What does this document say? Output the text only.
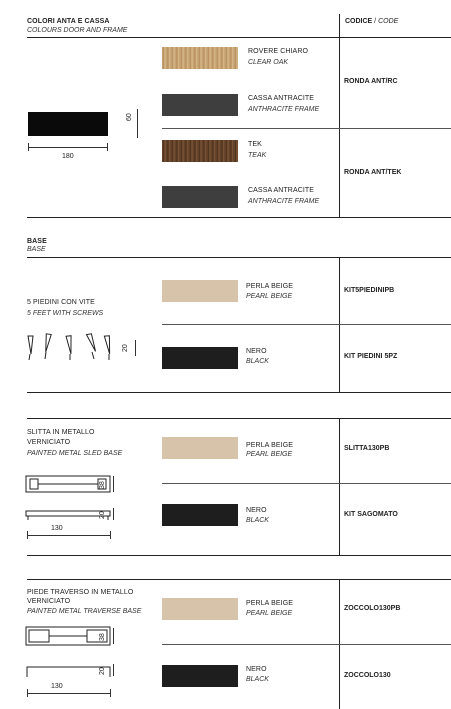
COLORI ANTA E CASSA
COLOURS DOOR AND FRAME
CODICE / CODE
180
60
ROVERE CHIARO
CLEAR OAK
CASSA ANTRACITE
ANTHRACITE FRAME
RONDA ANT/RC
TEK
TEAK
CASSA ANTRACITE
ANTHRACITE FRAME
RONDA ANT/TEK
BASE
BASE
5 PIEDINI CON VITE
5 FEET WITH SCREWS
20
PERLA BEIGE
PEARL BEIGE
KIT5PIEDINIPB
NERO
BLACK
KIT PIEDINI 5PZ
SLITTA IN METALLO
VERNICIATO
PAINTED METAL SLED BASE
38
20
130
PERLA BEIGE
PEARL BEIGE
SLITTA130PB
NERO
BLACK
KIT SAGOMATO
PIEDE TRAVERSO IN METALLO
VERNICIATO
PAINTED METAL TRAVERSE BASE
38
20
130
PERLA BEIGE
PEARL BEIGE
ZOCCOLO130PB
NERO
BLACK
ZOCCOLO130
